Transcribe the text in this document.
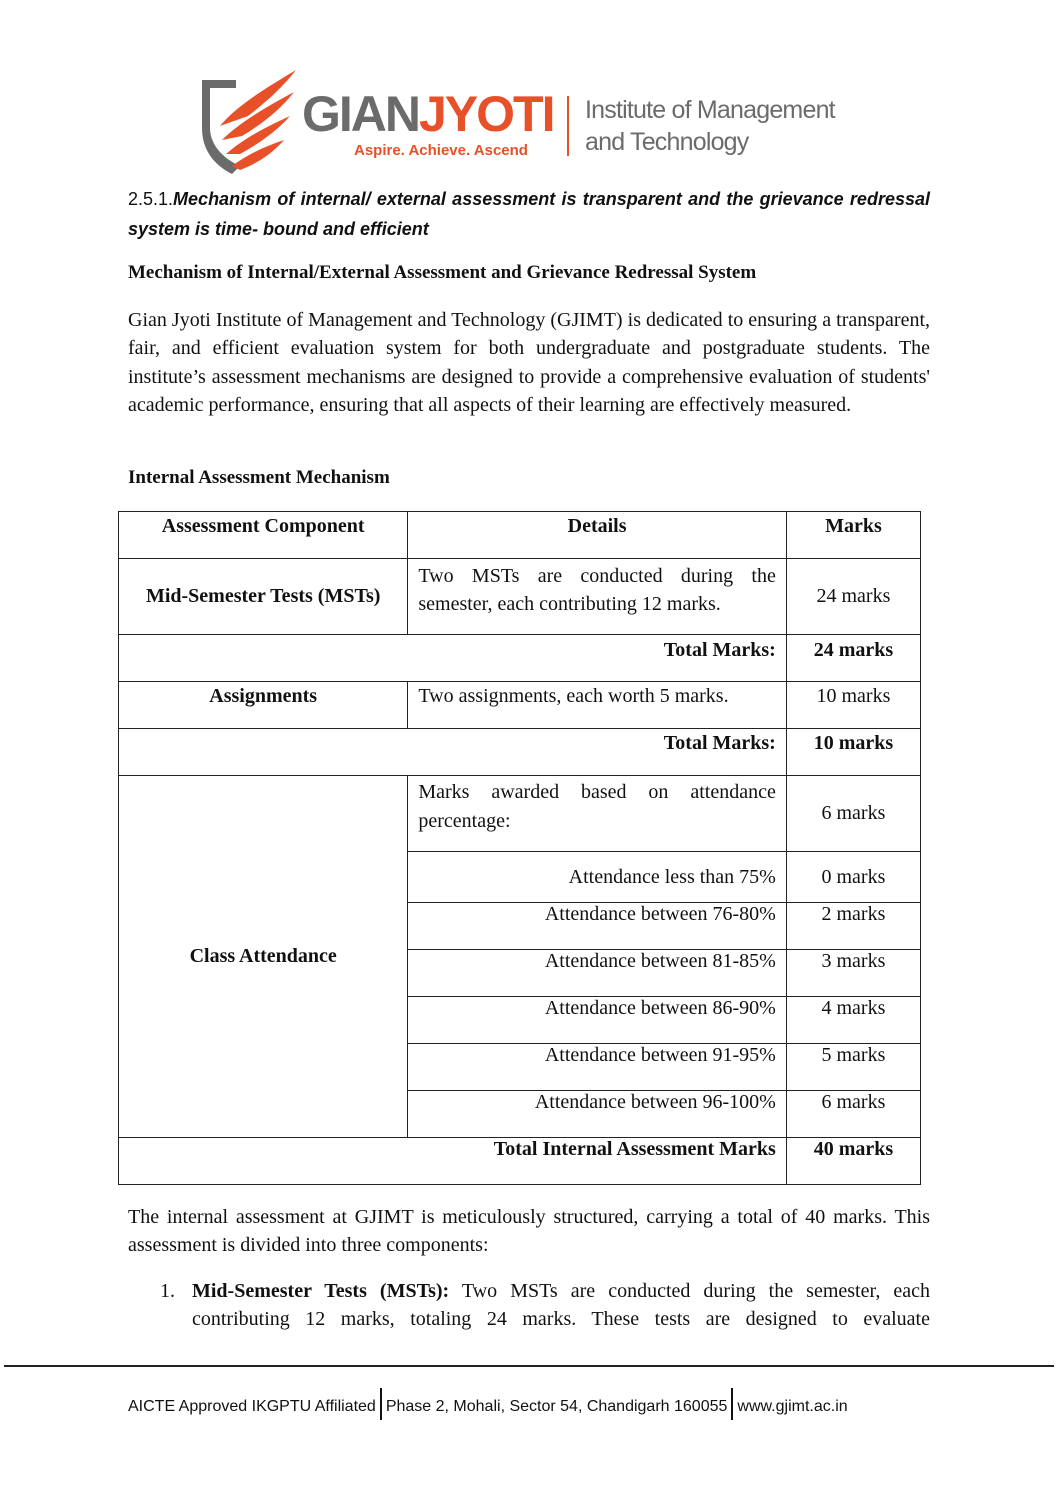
GIANJYOTI
Aspire. Achieve. Ascend
Institute of Management
and Technology
2.5.1.Mechanism of internal/ external assessment is transparent and the grievance redressal system is time- bound and efficient
Mechanism of Internal/External Assessment and Grievance Redressal System
Gian Jyoti Institute of Management and Technology (GJIMT) is dedicated to ensuring a transparent, fair, and efficient evaluation system for both undergraduate and postgraduate students. The institute’s assessment mechanisms are designed to provide a comprehensive evaluation of students' academic performance, ensuring that all aspects of their learning are effectively measured.
Internal Assessment Mechanism
Assessment Component	Details	Marks
Mid-Semester Tests (MSTs)	Two MSTs are conducted during the semester, each contributing 12 marks.	24 marks
Total Marks:		24 marks
Assignments	Two assignments, each worth 5 marks.	10 marks
Total Marks:		10 marks
Class Attendance	Marks awarded based on attendance percentage:	6 marks
	Attendance less than 75%	0 marks
	Attendance between 76-80%	2 marks
	Attendance between 81-85%	3 marks
	Attendance between 86-90%	4 marks
	Attendance between 91-95%	5 marks
	Attendance between 96-100%	6 marks
Total Internal Assessment Marks		40 marks
The internal assessment at GJIMT is meticulously structured, carrying a total of 40 marks. This assessment is divided into three components:
1. Mid-Semester Tests (MSTs): Two MSTs are conducted during the semester, each contributing 12 marks, totaling 24 marks. These tests are designed to evaluate
AICTE Approved IKGPTU Affiliated Phase 2, Mohali, Sector 54, Chandigarh 160055 www.gjimt.ac.in
